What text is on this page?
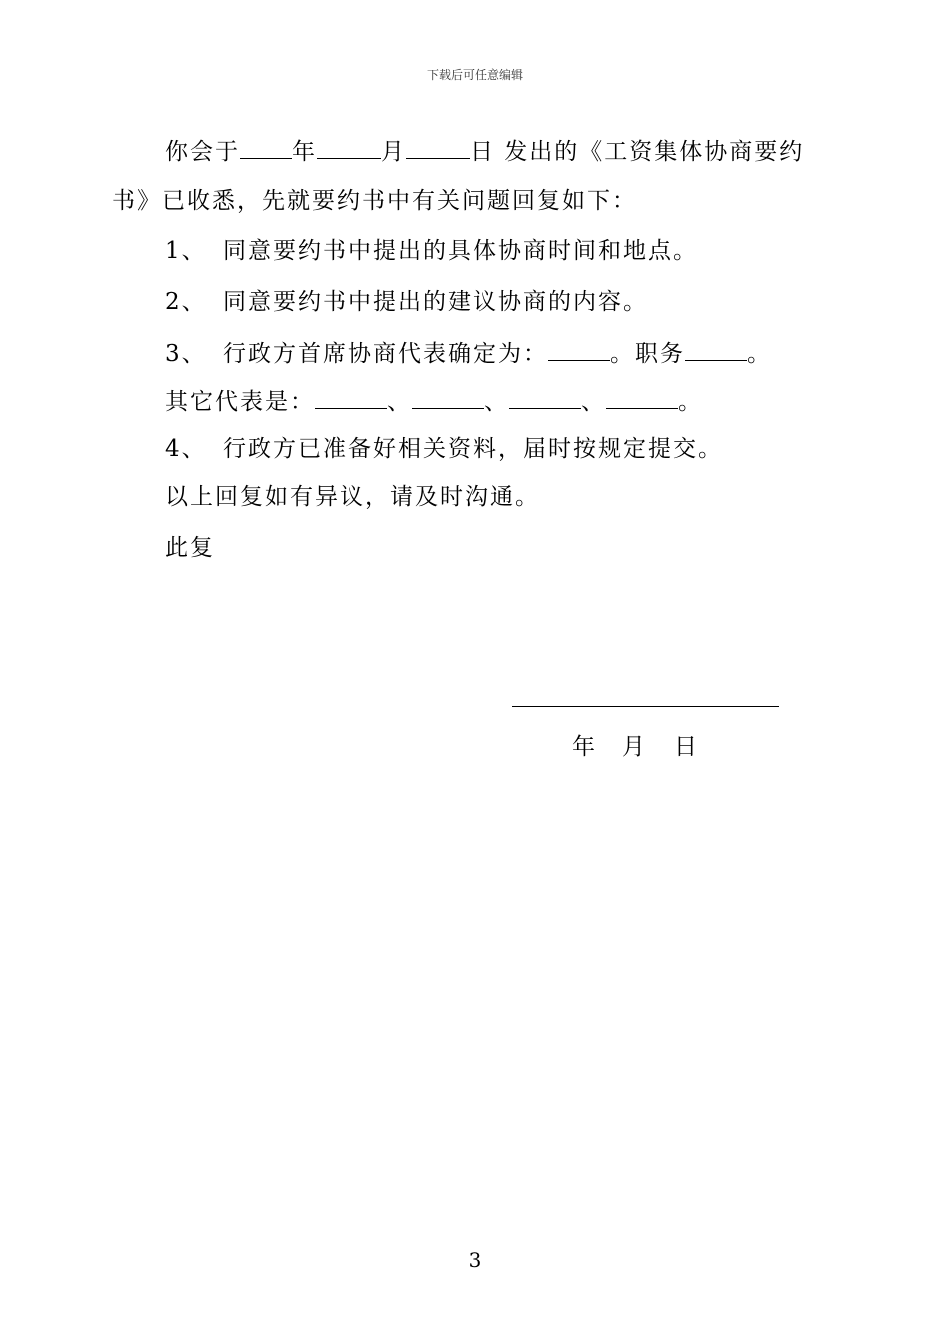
下载后可任意编辑
你会于 年	月	日 发出的《工资集体协商要约
书》已收悉，先就要约书中有关问题回复如下：
1、 同意要约书中提出的具体协商时间和地点。
2、 同意要约书中提出的建议协商的内容。
3、 行政方首席协商代表确定为：	。职务	。
其它代表是：	、	、	、	。
4、 行政方已准备好相关资料，届时按规定提交。
以上回复如有异议，请及时沟通。
此复
年 月 日
3
